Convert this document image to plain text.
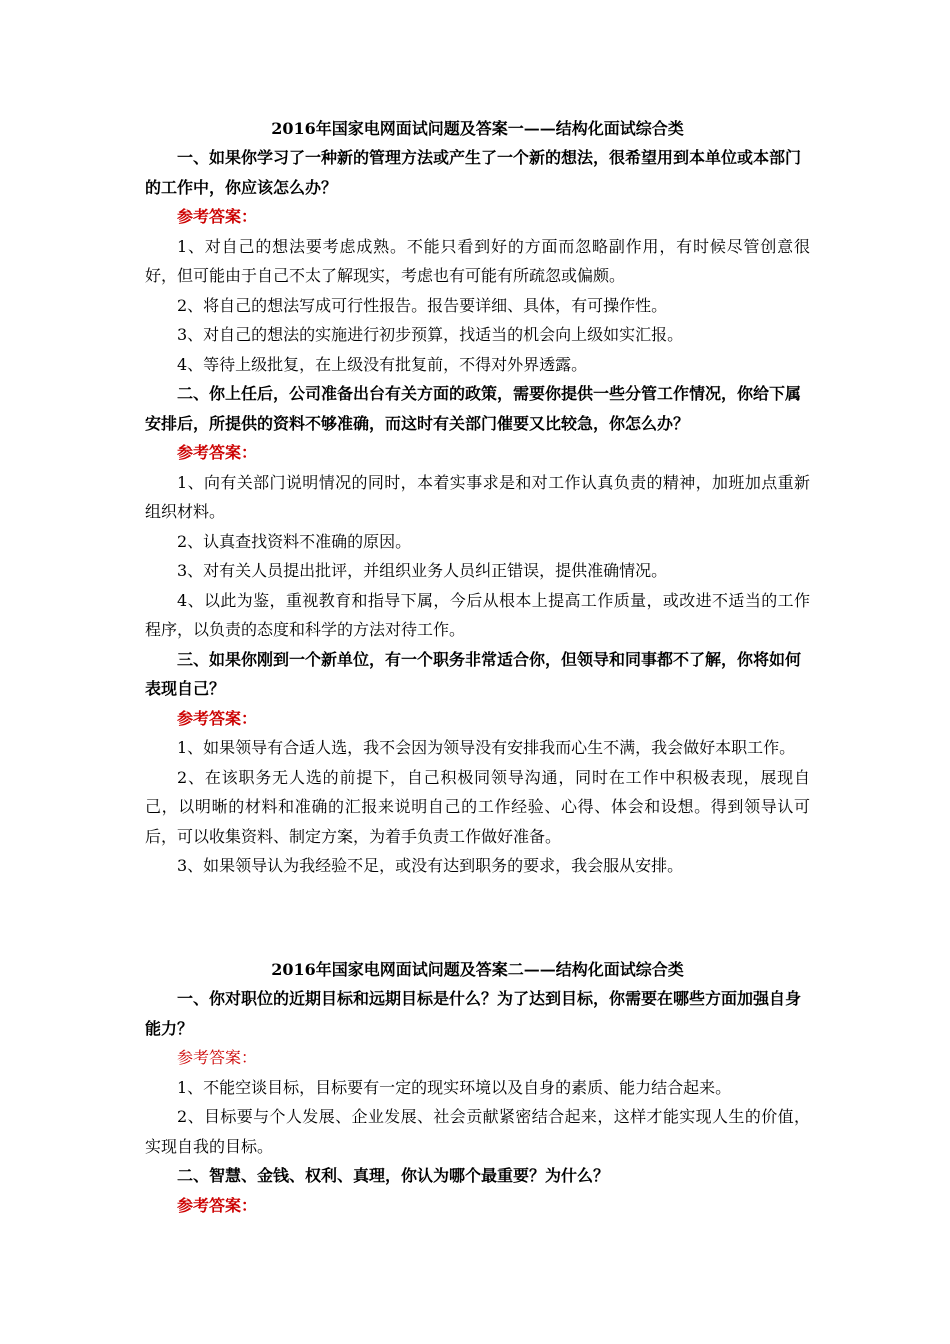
2016年国家电网面试问题及答案一——结构化面试综合类

一、如果你学习了一种新的管理方法或产生了一个新的想法，很希望用到本单位或本部门的工作中，你应该怎么办？

参考答案：

1、对自己的想法要考虑成熟。不能只看到好的方面而忽略副作用，有时候尽管创意很好，但可能由于自己不太了解现实，考虑也有可能有所疏忽或偏颇。

2、将自己的想法写成可行性报告。报告要详细、具体，有可操作性。

3、对自己的想法的实施进行初步预算，找适当的机会向上级如实汇报。

4、等待上级批复，在上级没有批复前，不得对外界透露。

二、你上任后，公司准备出台有关方面的政策，需要你提供一些分管工作情况，你给下属安排后，所提供的资料不够准确，而这时有关部门催要又比较急，你怎么办？

参考答案：

1、向有关部门说明情况的同时，本着实事求是和对工作认真负责的精神，加班加点重新组织材料。

2、认真查找资料不准确的原因。

3、对有关人员提出批评，并组织业务人员纠正错误，提供准确情况。

4、以此为鉴，重视教育和指导下属，今后从根本上提高工作质量，或改进不适当的工作程序，以负责的态度和科学的方法对待工作。

三、如果你刚到一个新单位，有一个职务非常适合你，但领导和同事都不了解，你将如何表现自己？

参考答案：

1、如果领导有合适人选，我不会因为领导没有安排我而心生不满，我会做好本职工作。

2、在该职务无人选的前提下，自己积极同领导沟通，同时在工作中积极表现，展现自己，以明晰的材料和准确的汇报来说明自己的工作经验、心得、体会和设想。得到领导认可后，可以收集资料、制定方案，为着手负责工作做好准备。

3、如果领导认为我经验不足，或没有达到职务的要求，我会服从安排。

2016年国家电网面试问题及答案二——结构化面试综合类

一、你对职位的近期目标和远期目标是什么？为了达到目标，你需要在哪些方面加强自身能力？

参考答案：

1、不能空谈目标，目标要有一定的现实环境以及自身的素质、能力结合起来。

2、目标要与个人发展、企业发展、社会贡献紧密结合起来，这样才能实现人生的价值，实现自我的目标。

二、智慧、金钱、权利、真理，你认为哪个最重要？为什么？

参考答案：
